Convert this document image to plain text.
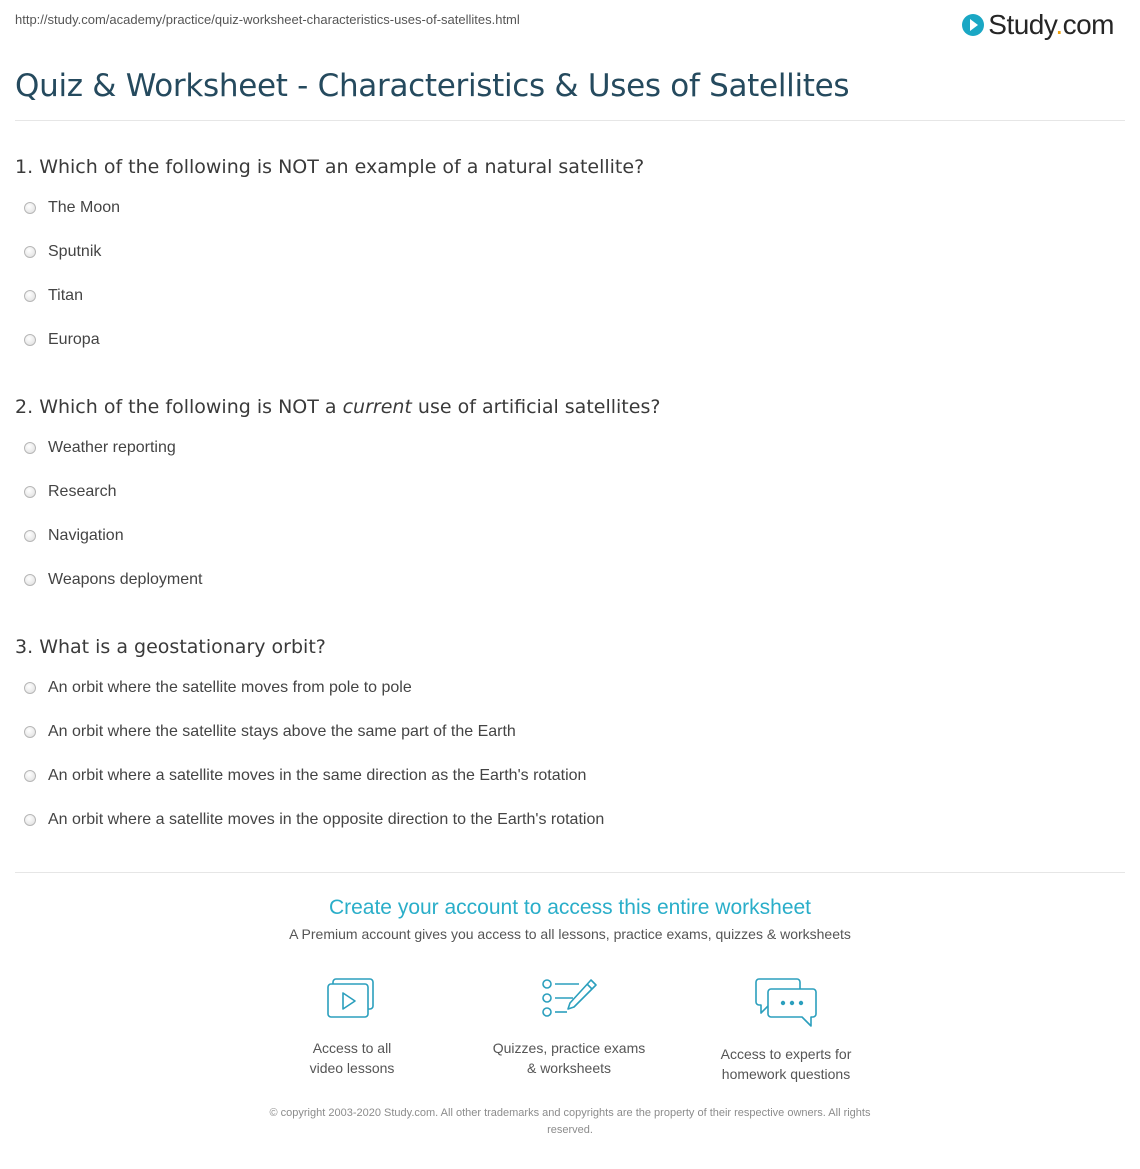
http://study.com/academy/practice/quiz-worksheet-characteristics-uses-of-satellites.html	Study.com
Quiz & Worksheet - Characteristics & Uses of Satellites
1. Which of the following is NOT an example of a natural satellite?
The Moon
Sputnik
Titan
Europa
2. Which of the following is NOT a current use of artificial satellites?
Weather reporting
Research
Navigation
Weapons deployment
3. What is a geostationary orbit?
An orbit where the satellite moves from pole to pole
An orbit where the satellite stays above the same part of the Earth
An orbit where a satellite moves in the same direction as the Earth's rotation
An orbit where a satellite moves in the opposite direction to the Earth's rotation
Create your account to access this entire worksheet
A Premium account gives you access to all lessons, practice exams, quizzes & worksheets
Access to all
video lessons
Quizzes, practice exams
& worksheets
Access to experts for
homework questions
© copyright 2003-2020 Study.com. All other trademarks and copyrights are the property of their respective owners. All rights
reserved.
